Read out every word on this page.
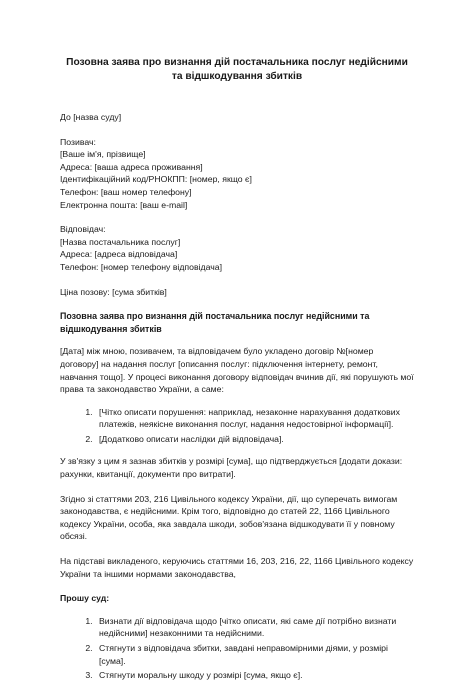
Позовна заява про визнання дій постачальника послуг недійсними та відшкодування збитків

До [назва суду]

Позивач:

[Ваше ім'я, прізвище]

Адреса: [ваша адреса проживання]

Ідентифікаційний код/РНОКПП: [номер, якщо є]

Телефон: [ваш номер телефону]

Електронна пошта: [ваш e-mail]

Відповідач:

[Назва постачальника послуг]

Адреса: [адреса відповідача]

Телефон: [номер телефону відповідача]

Ціна позову: [сума збитків]

Позовна заява про визнання дій постачальника послуг недійсними та відшкодування збитків

[Дата] між мною, позивачем, та відповідачем було укладено договір №[номер договору] на надання послуг [описання послуг: підключення інтернету, ремонт, навчання тощо]. У процесі виконання договору відповідач вчинив дії, які порушують мої права та законодавство України, а саме:

1. [Чітко описати порушення: наприклад, незаконне нарахування додаткових платежів, неякісне виконання послуг, надання недостовірної інформації].
2. [Додатково описати наслідки дій відповідача].

У зв'язку з цим я зазнав збитків у розмірі [сума], що підтверджується [додати докази: рахунки, квитанції, документи про витрати].

Згідно зі статтями 203, 216 Цивільного кодексу України, дії, що суперечать вимогам законодавства, є недійсними. Крім того, відповідно до статей 22, 1166 Цивільного кодексу України, особа, яка завдала шкоди, зобов'язана відшкодувати її у повному обсязі.

На підставі викладеного, керуючись статтями 16, 203, 216, 22, 1166 Цивільного кодексу України та іншими нормами законодавства,

Прошу суд:

1. Визнати дії відповідача щодо [чітко описати, які саме дії потрібно визнати недійсними] незаконними та недійсними.
2. Стягнути з відповідача збитки, завдані неправомірними діями, у розмірі [сума].
3. Стягнути моральну шкоду у розмірі [сума, якщо є].
